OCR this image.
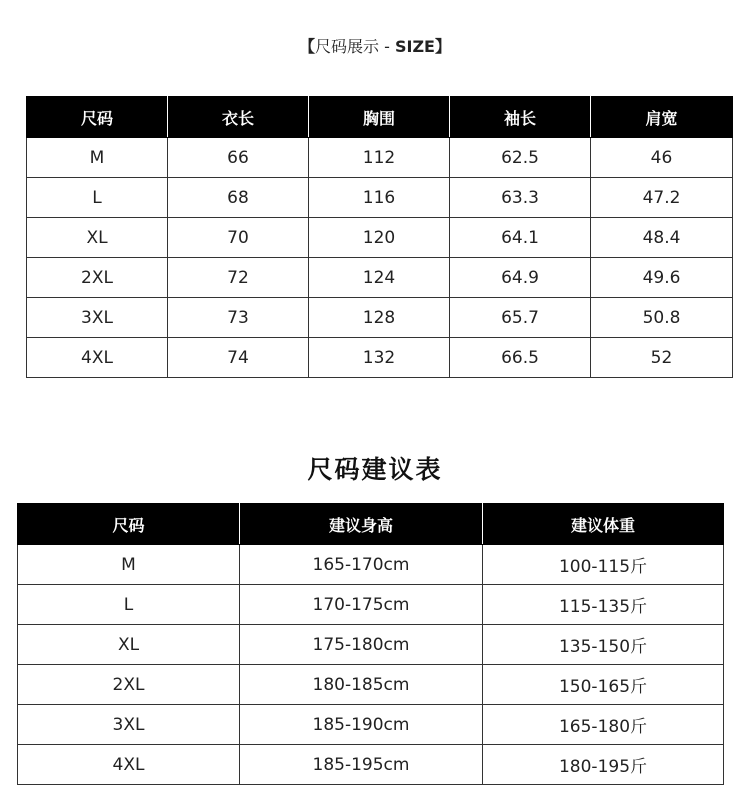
【尺码展示 - SIZE】
尺码	衣长	胸围	袖长	肩宽
M	66	112	62.5	46
L	68	116	63.3	47.2
XL	70	120	64.1	48.4
2XL	72	124	64.9	49.6
3XL	73	128	65.7	50.8
4XL	74	132	66.5	52
尺码建议表
尺码	建议身高	建议体重
M	165-170cm	100-115斤
L	170-175cm	115-135斤
XL	175-180cm	135-150斤
2XL	180-185cm	150-165斤
3XL	185-190cm	165-180斤
4XL	185-195cm	180-195斤
